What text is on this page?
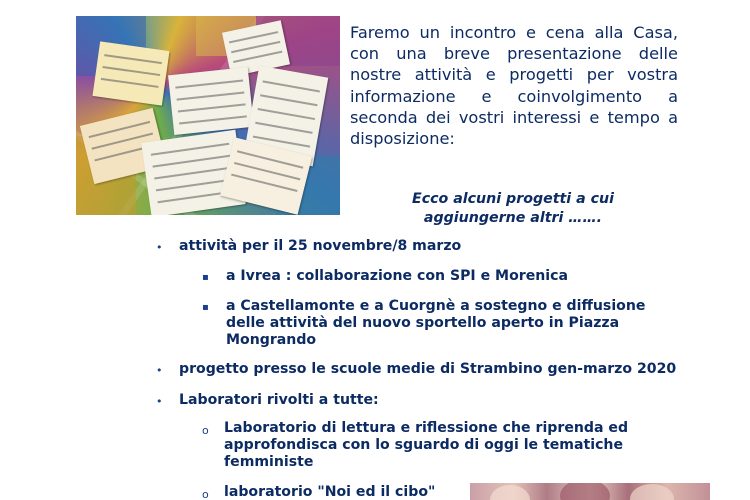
Faremo un incontro e cena alla Casa, con una breve presentazione delle nostre attività e progetti per vostra informazione e coinvolgimento a seconda dei vostri interessi e tempo a disposizione:

Ecco alcuni progetti a cui
aggiungerne altri …….
• attività per il 25 novembre/8 marzo

▪ a Ivrea : collaborazione con SPI e Morenica

▪ a Castellamonte e a Cuorgnè a sostegno e diffusione delle attività del nuovo sportello aperto in Piazza Mongrando

• progetto presso le scuole medie di Strambino gen-marzo 2020

• Laboratori rivolti a tutte:

o Laboratorio di lettura e riflessione che riprenda ed approfondisca con lo sguardo di oggi le tematiche femministe

o laboratorio "Noi ed il cibo"
